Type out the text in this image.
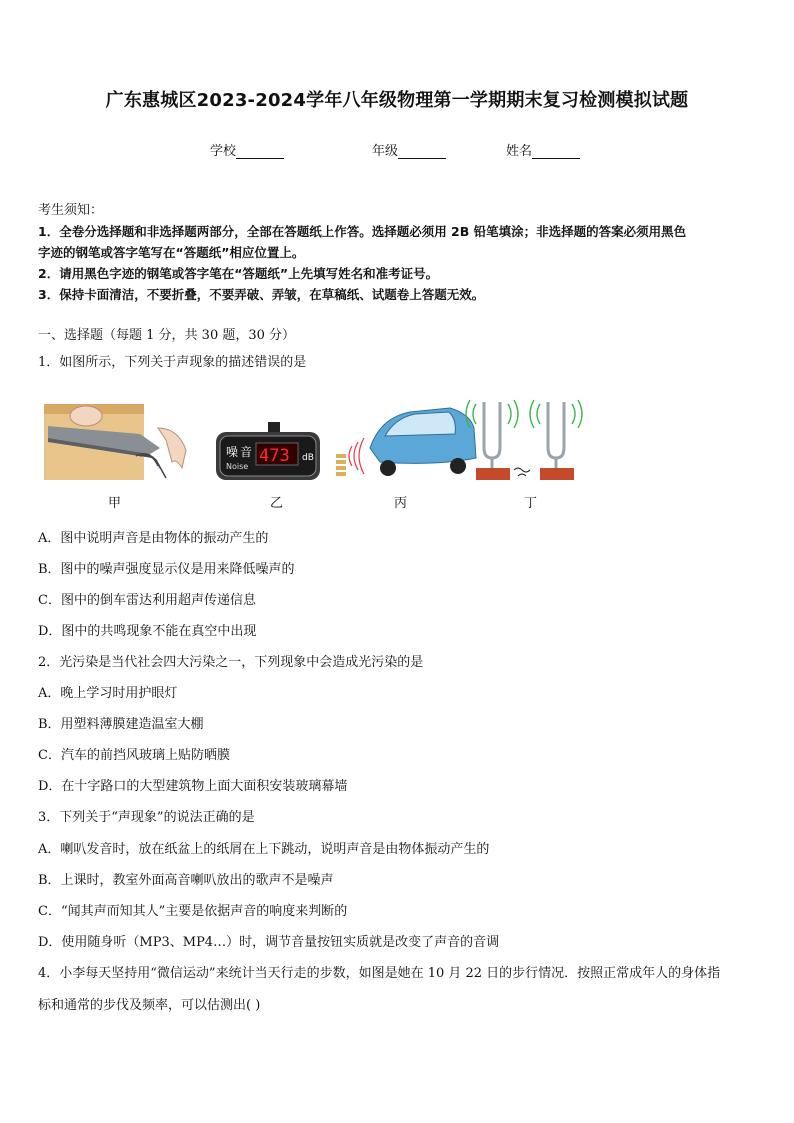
广东惠城区2023-2024学年八年级物理第一学期期末复习检测模拟试题
学校	年级	姓名
考生须知：
1．全卷分选择题和非选择题两部分，全部在答题纸上作答。选择题必须用 2B 铅笔填涂；非选择题的答案必须用黑色
字迹的钢笔或答字笔写在“答题纸”相应位置上。
2．请用黑色字迹的钢笔或答字笔在“答题纸”上先填写姓名和准考证号。
3．保持卡面清洁，不要折叠，不要弄破、弄皱，在草稿纸、试题卷上答题无效。
一、选择题（每题 1 分，共 30 题，30 分）
1．如图所示，下列关于声现象的描述错误的是
噪 音
Noise
473 dB
甲	乙	丙	丁
A．图中说明声音是由物体的振动产生的
B．图中的噪声强度显示仪是用来降低噪声的
C．图中的倒车雷达利用超声传递信息
D．图中的共鸣现象不能在真空中出现
2．光污染是当代社会四大污染之一，下列现象中会造成光污染的是
A．晚上学习时用护眼灯
B．用塑料薄膜建造温室大棚
C．汽车的前挡风玻璃上贴防晒膜
D．在十字路口的大型建筑物上面大面积安装玻璃幕墙
3．下列关于“声现象”的说法正确的是
A．喇叭发音时，放在纸盆上的纸屑在上下跳动，说明声音是由物体振动产生的
B．上课时，教室外面高音喇叭放出的歌声不是噪声
C．“闻其声而知其人”主要是依据声音的响度来判断的
D．使用随身听（MP3、MP4…）时，调节音量按钮实质就是改变了声音的音调
4．小李每天坚持用“微信运动”来统计当天行走的步数，如图是她在 10 月 22 日的步行情况．按照正常成年人的身体指
标和通常的步伐及频率，可以估测出( )
